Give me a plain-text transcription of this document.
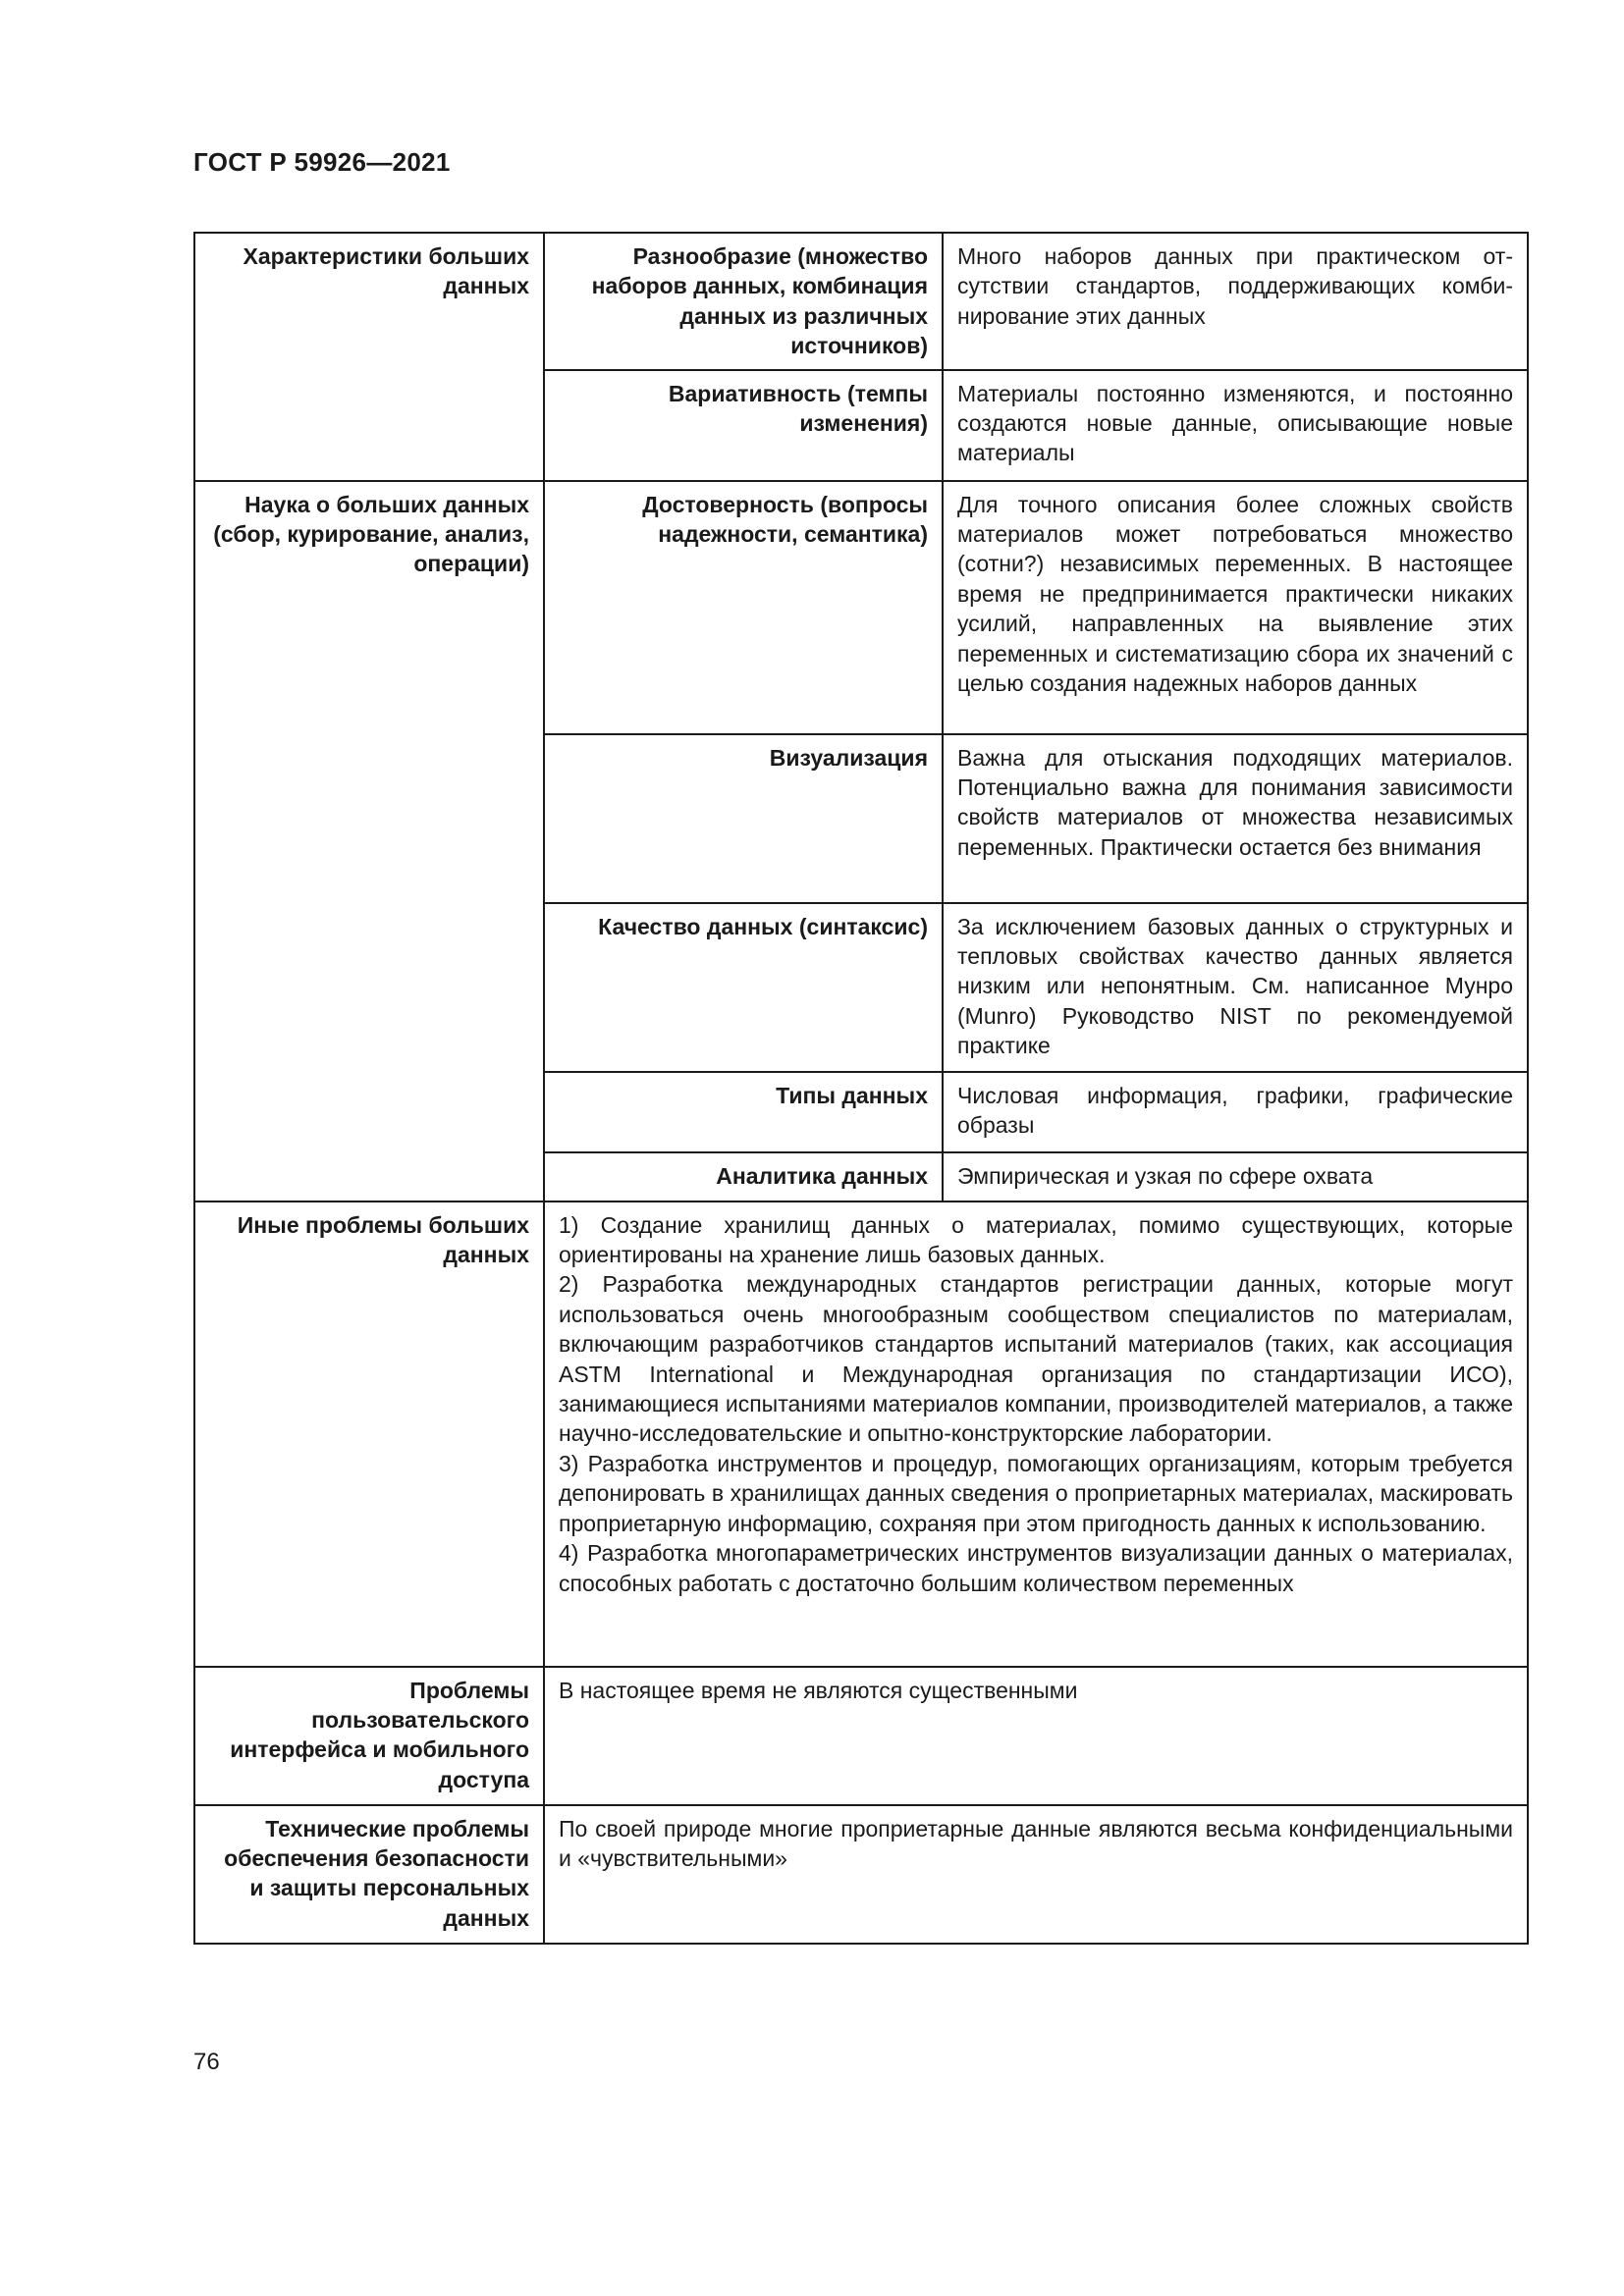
ГОСТ Р 59926—2021
Характеристики больших данных	Разнообразие (множество наборов данных, комбинация данных из различных источников)	Много наборов данных при практическом отсутствии стандартов, поддерживающих комбинирование этих данных
	Вариативность (темпы изменения)	Материалы постоянно изменяются, и постоянно создаются новые данные, описывающие новые материалы
Наука о больших данных (сбор, курирование, анализ, операции)	Достоверность (вопросы надежности, семантика)	Для точного описания более сложных свойств материалов может потребоваться множество (сотни?) независимых переменных. В настоящее время не предпринимается практически никаких усилий, направленных на выявление этих переменных и систематизацию сбора их значений с целью создания надежных наборов данных
	Визуализация	Важна для отыскания подходящих материалов. Потенциально важна для понимания зависимости свойств материалов от множества независимых переменных. Практически остается без внимания
	Качество данных (синтаксис)	За исключением базовых данных о структурных и тепловых свойствах качество данных является низким или непонятным. См. написанное Мунро (Munro) Руководство NIST по рекомендуемой практике
	Типы данных	Числовая информация, графики, графические образы
	Аналитика данных	Эмпирическая и узкая по сфере охвата
Иные проблемы больших данных	1) Создание хранилищ данных о материалах, помимо существующих, которые ориентированы на хранение лишь базовых данных.

2) Разработка международных стандартов регистрации данных, которые могут использоваться очень многообразным сообществом специалистов по материалам, включающим разработчиков стандартов испытаний материалов (таких, как ассоциация ASTM International и Международная организация по стандартизации ИСО), занимающиеся испытаниями материалов компании, производителей материалов, а также научно-исследовательские и опытно-конструкторские лаборатории.

3) Разработка инструментов и процедур, помогающих организациям, которым требуется депонировать в хранилищах данных сведения о проприетарных материалах, маскировать проприетарную информацию, сохраняя при этом пригодность данных к использованию.

4) Разработка многопараметрических инструментов визуализации данных о материалах, способных работать с достаточно большим количеством переменных	

Проблемы пользовательского интерфейса и мобильного доступа	В настоящее время не являются существенными	
Технические проблемы обеспечения безопасности и защиты персональных данных	По своей природе многие проприетарные данные являются весьма конфиденциальными и «чувствительными»	
76
